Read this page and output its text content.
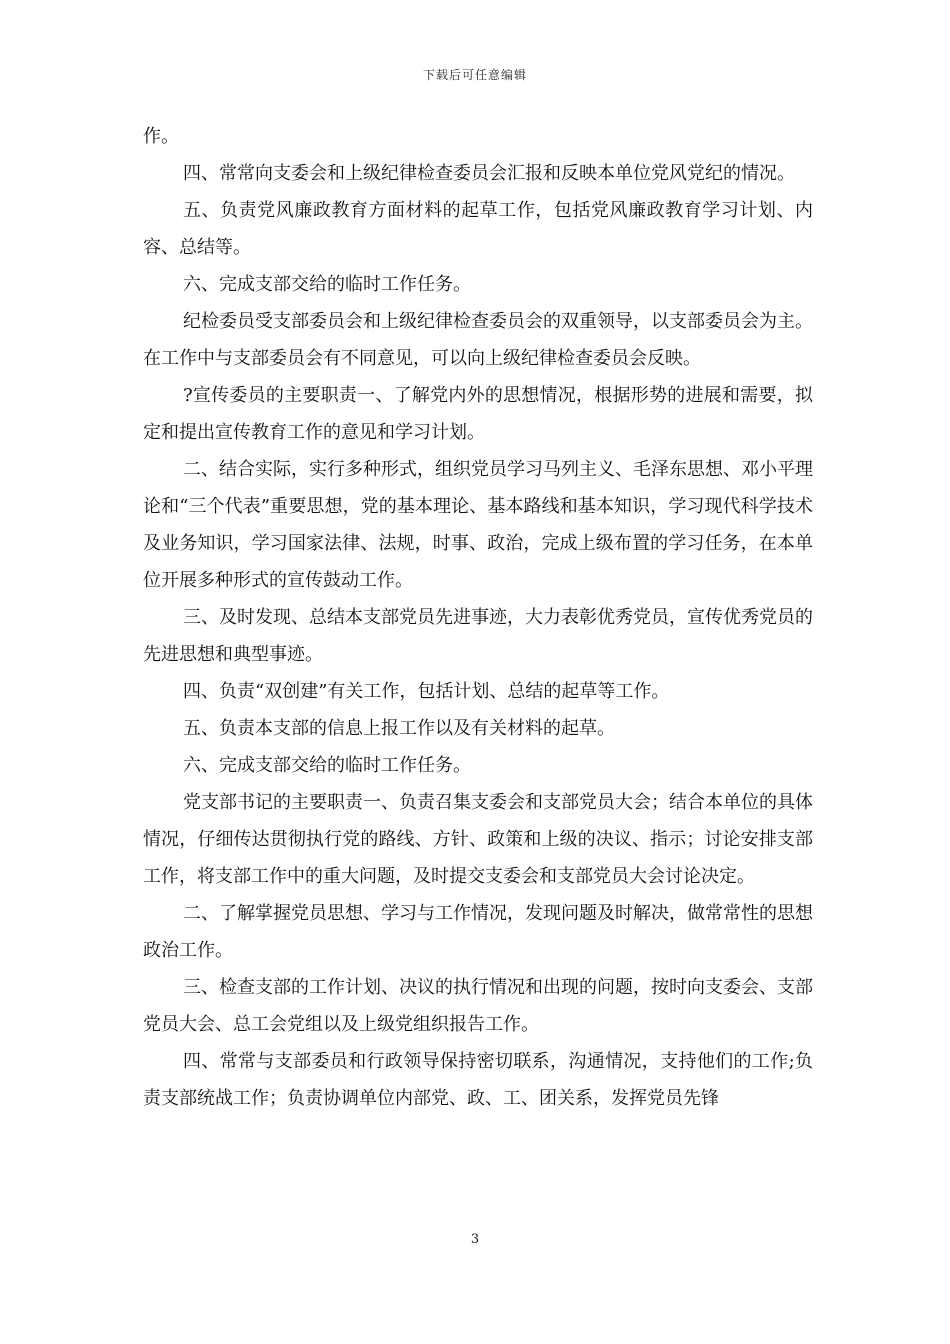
下载后可任意编辑

作。

四、常常向支委会和上级纪律检查委员会汇报和反映本单位党风党纪的情况。

五、负责党风廉政教育方面材料的起草工作，包括党风廉政教育学习计划、内容、总结等。

六、完成支部交给的临时工作任务。

纪检委员受支部委员会和上级纪律检查委员会的双重领导，以支部委员会为主。在工作中与支部委员会有不同意见，可以向上级纪律检查委员会反映。

?宣传委员的主要职责一、了解党内外的思想情况，根据形势的进展和需要，拟定和提出宣传教育工作的意见和学习计划。

二、结合实际，实行多种形式，组织党员学习马列主义、毛泽东思想、邓小平理论和“三个代表”重要思想，党的基本理论、基本路线和基本知识，学习现代科学技术及业务知识，学习国家法律、法规，时事、政治，完成上级布置的学习任务，在本单位开展多种形式的宣传鼓动工作。

三、及时发现、总结本支部党员先进事迹，大力表彰优秀党员，宣传优秀党员的先进思想和典型事迹。

四、负责“双创建”有关工作，包括计划、总结的起草等工作。

五、负责本支部的信息上报工作以及有关材料的起草。

六、完成支部交给的临时工作任务。

党支部书记的主要职责一、负责召集支委会和支部党员大会；结合本单位的具体情况，仔细传达贯彻执行党的路线、方针、政策和上级的决议、指示；讨论安排支部工作，将支部工作中的重大问题，及时提交支委会和支部党员大会讨论决定。

二、了解掌握党员思想、学习与工作情况，发现问题及时解决，做常常性的思想政治工作。

三、检查支部的工作计划、决议的执行情况和出现的问题，按时向支委会、支部党员大会、总工会党组以及上级党组织报告工作。

四、常常与支部委员和行政领导保持密切联系，沟通情况，支持他们的工作;负责支部统战工作；负责协调单位内部党、政、工、团关系，发挥党员先锋

3
